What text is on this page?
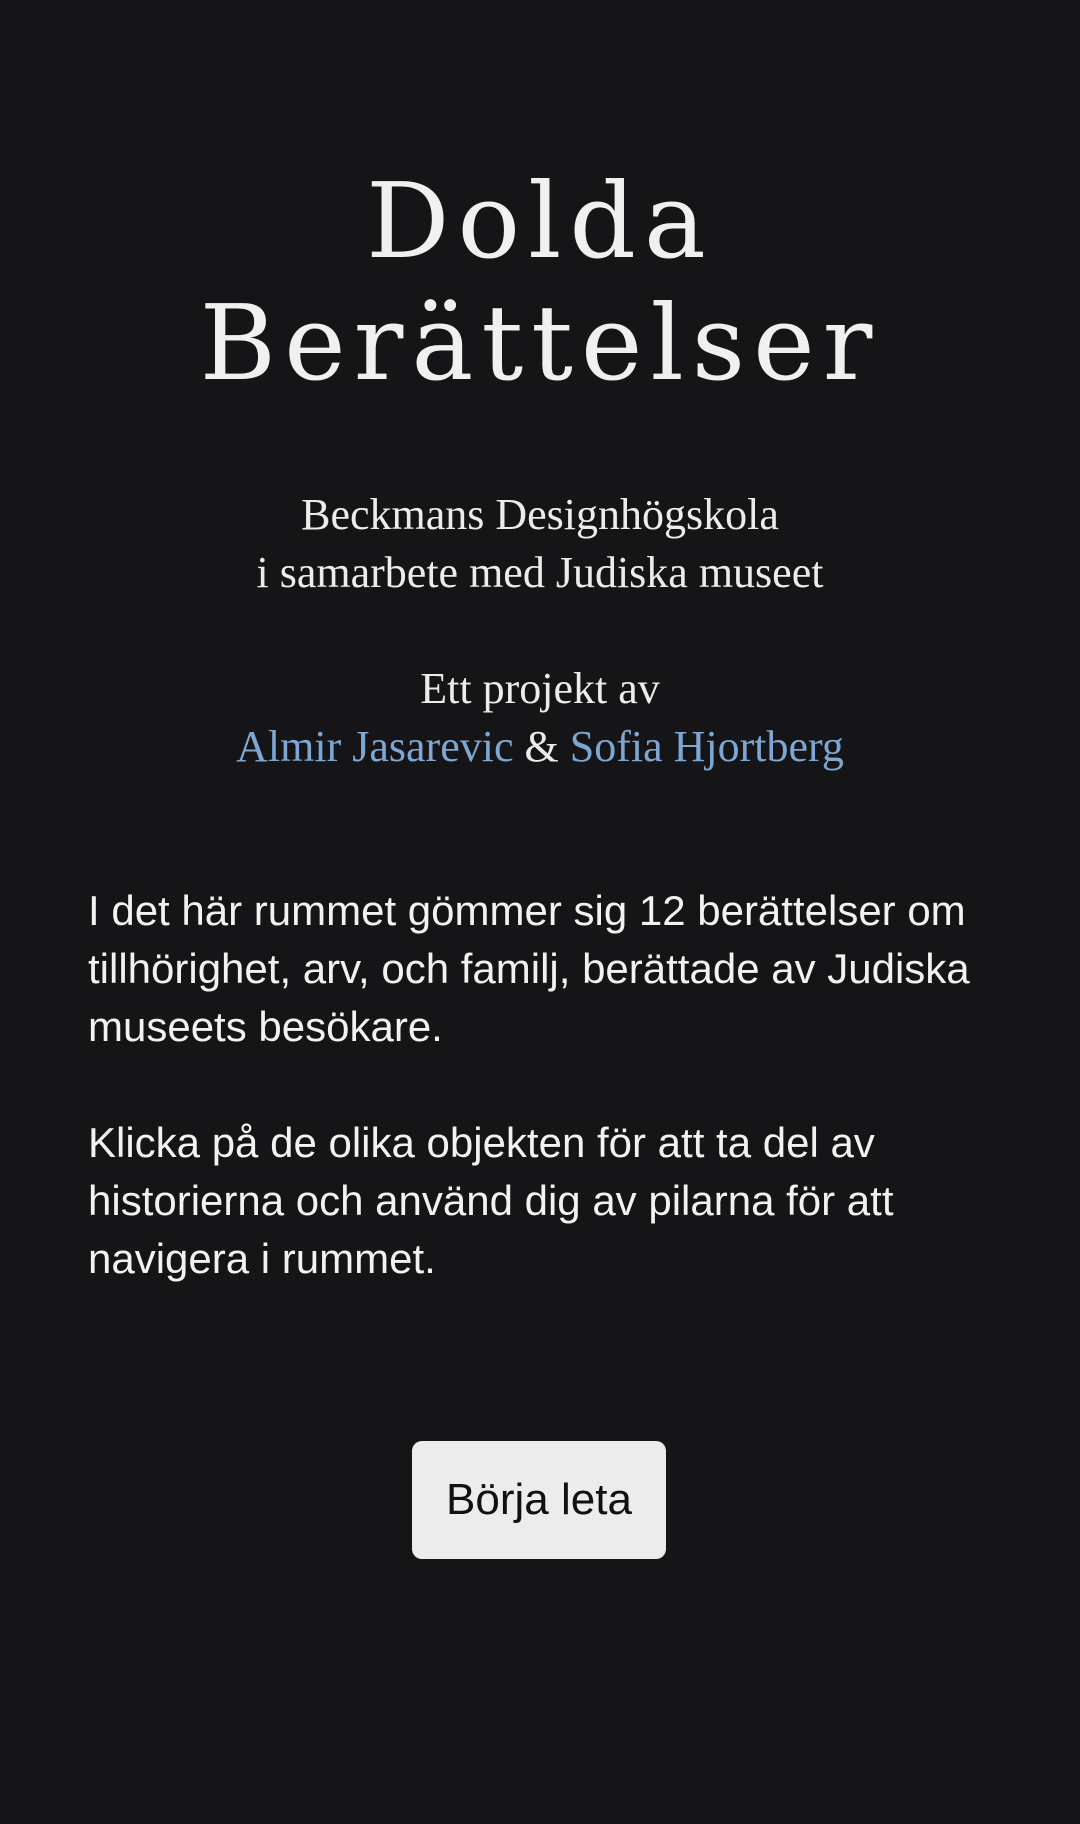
Dolda
Berättelser
Beckmans Designhögskola
i samarbete med Judiska museet
Ett projekt av
Almir Jasarevic & Sofia Hjortberg

I det här rummet gömmer sig 12 berättelser om tillhörighet, arv, och familj, berättade av Judiska museets besökare.

Klicka på de olika objekten för att ta del av historierna och använd dig av pilarna för att navigera i rummet.

Börja leta
